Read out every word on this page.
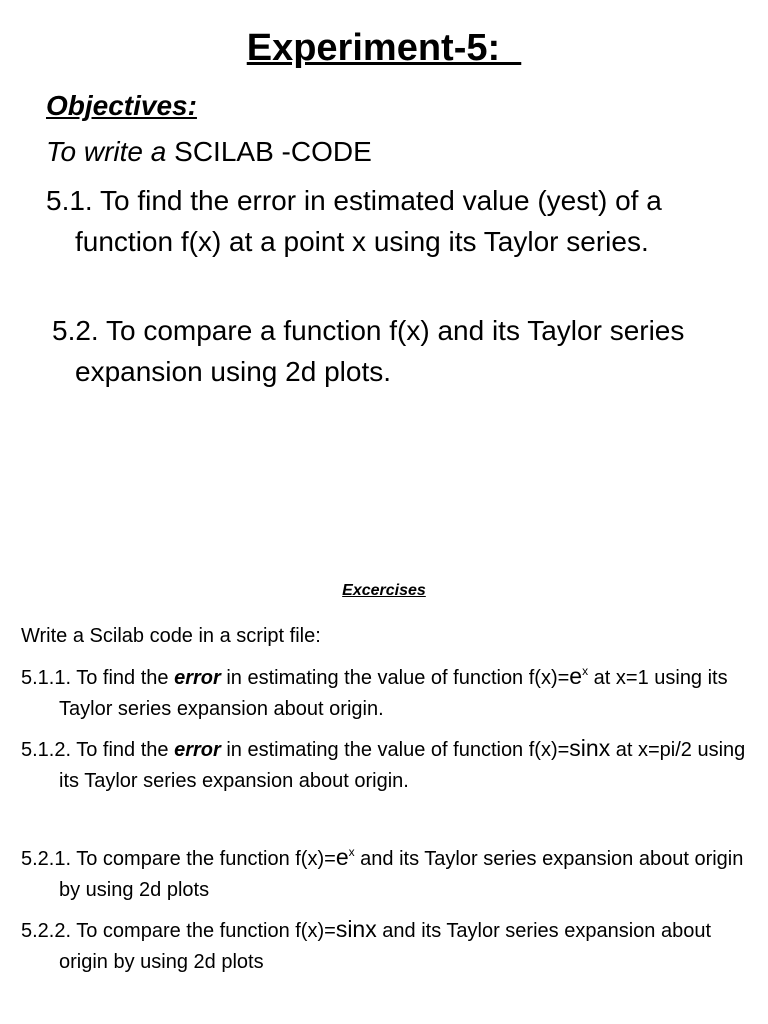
Experiment-5:
Objectives:
To write a SCILAB -CODE
5.1. To find the error in estimated value (yest) of a function f(x) at a point x using its Taylor series.
5.2. To compare a function f(x) and its Taylor series expansion using 2d plots.
Excercises
Write a Scilab code in a script file:
5.1.1. To find the error in estimating the value of function $f(x)=e^x$ at x=1 using its Taylor series expansion about origin.
5.1.2. To find the error in estimating the value of function f(x)=sinx at x=pi/2 using its Taylor series expansion about origin.
5.2.1. To compare the function $f(x)=e^x$ and its Taylor series expansion about origin by using 2d plots
5.2.2. To compare the function f(x)=sinx and its Taylor series expansion about origin by using 2d plots
